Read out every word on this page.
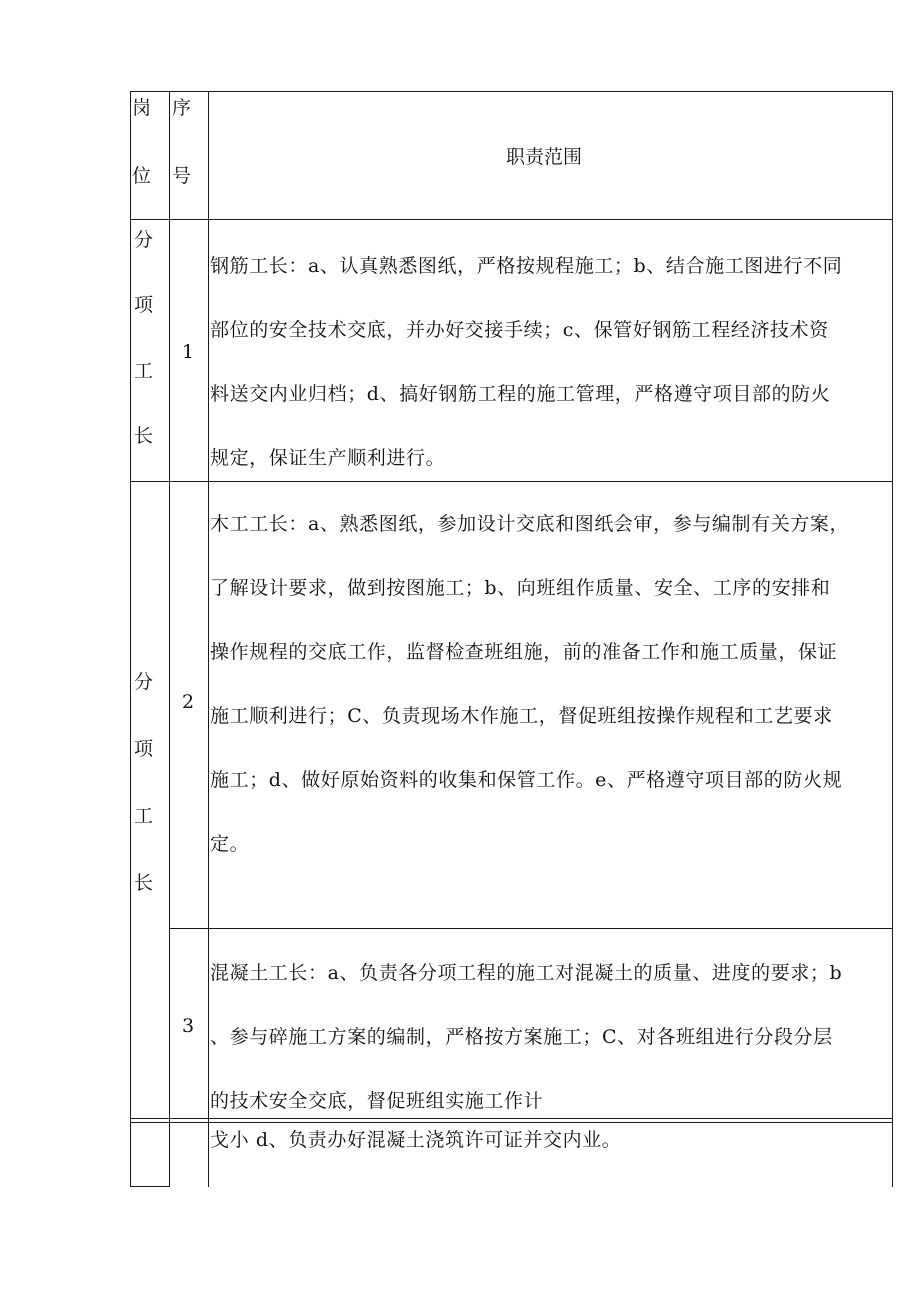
岗
位
序
号
职责范围
分
项
工
长
1
钢筋工长：a、认真熟悉图纸，严格按规程施工；b、结合施工图进行不同
部位的安全技术交底，并办好交接手续；c、保管好钢筋工程经济技术资
料送交内业归档；d、搞好钢筋工程的施工管理，严格遵守项目部的防火
规定，保证生产顺利进行。
分
项
工
长
2
木工工长：a、熟悉图纸，参加设计交底和图纸会审，参与编制有关方案，
了解设计要求，做到按图施工；b、向班组作质量、安全、工序的安排和
操作规程的交底工作，监督检查班组施，前的准备工作和施工质量，保证
施工顺利进行；C、负责现场木作施工，督促班组按操作规程和工艺要求
施工；d、做好原始资料的收集和保管工作。e、严格遵守项目部的防火规
定。
3
混凝土工长：a、负责各分项工程的施工对混凝土的质量、进度的要求；b
、参与碎施工方案的编制，严格按方案施工；C、对各班组进行分段分层
的技术安全交底，督促班组实施工作计
戈小 d、负责办好混凝土浇筑许可证并交内业。
